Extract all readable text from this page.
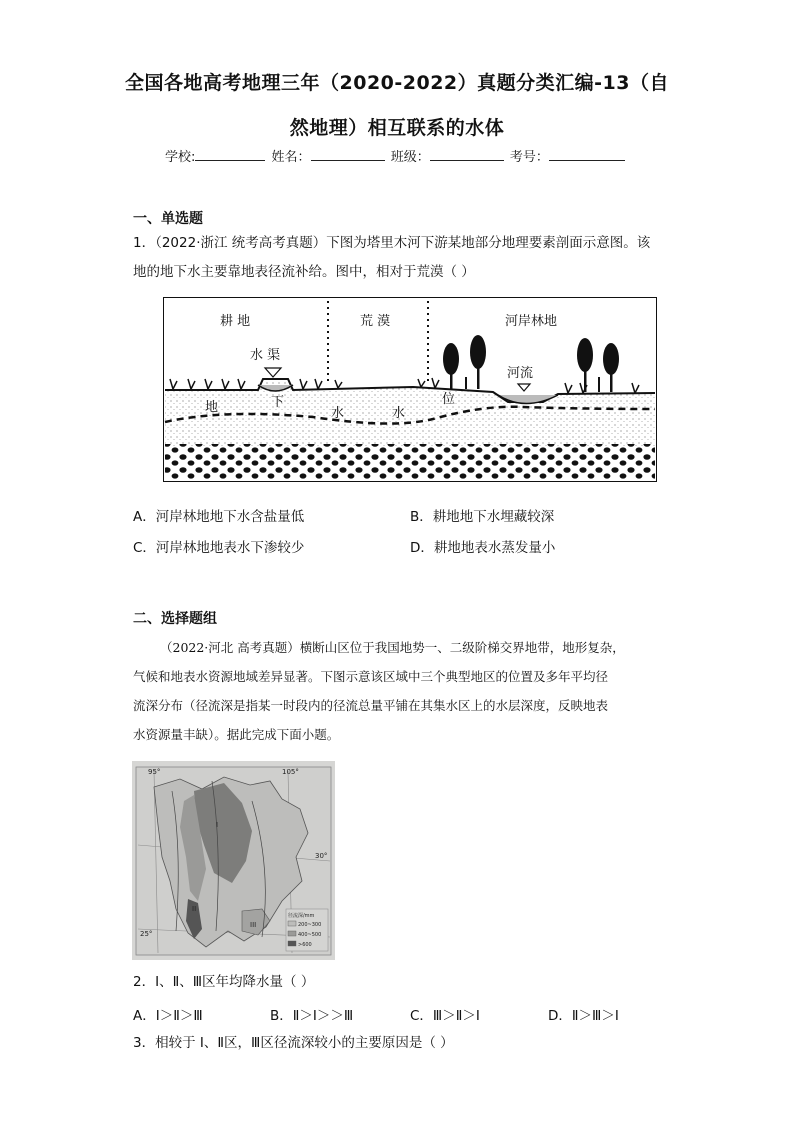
全国各地高考地理三年（2020-2022）真题分类汇编-13（自
然地理）相互联系的水体
学校:	姓名：	班级：	考号：
一、单选题
1．（2022·浙江 统考高考真题）下图为塔里木河下游某地部分地理要素剖面示意图。该
地的地下水主要靠地表径流补给。图中，相对于荒漠（ ）
耕 地	荒 漠	河岸林地
水 渠
河流
地	下
水	水
位
A．河岸林地地下水含盐量低	B．耕地地下水埋藏较深
C．河岸林地地表水下渗较少	D．耕地地表水蒸发量小
二、选择题组
（2022·河北 高考真题）横断山区位于我国地势一、二级阶梯交界地带，地形复杂，
气候和地表水资源地域差异显著。下图示意该区域中三个典型地区的位置及多年平均径
流深分布（径流深是指某一时段内的径流总量平铺在其集水区上的水层深度，反映地表
水资源量丰缺）。据此完成下面小题。
95°	105°
30°
25°
I
II
III
径流深/mm
200~300
400~500
>600
2．Ⅰ、Ⅱ、Ⅲ区年均降水量（ ）
A．I＞Ⅱ＞Ⅲ	B．Ⅱ＞I＞＞Ⅲ	C．Ⅲ＞Ⅱ＞I	D．Ⅱ＞Ⅲ＞I
3．相较于 I、Ⅱ区，Ⅲ区径流深较小的主要原因是（ ）
